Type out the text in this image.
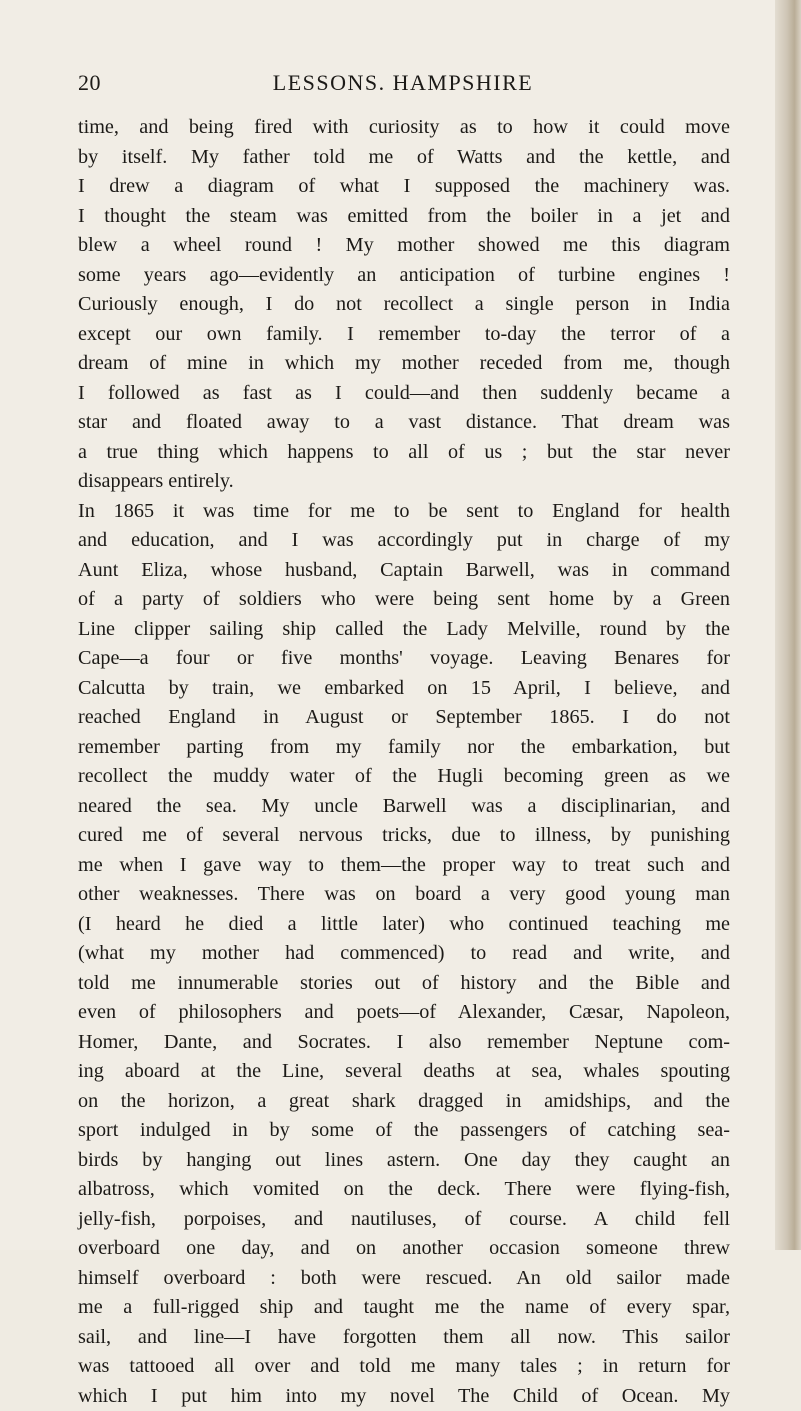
20	LESSONS. HAMPSHIRE
time, and being fired with curiosity as to how it could move
by itself. My father told me of Watts and the kettle, and
I drew a diagram of what I supposed the machinery was.
I thought the steam was emitted from the boiler in a jet and
blew a wheel round ! My mother showed me this diagram
some years ago—evidently an anticipation of turbine engines !
Curiously enough, I do not recollect a single person in India
except our own family. I remember to-day the terror of a
dream of mine in which my mother receded from me, though
I followed as fast as I could—and then suddenly became a
star and floated away to a vast distance. That dream was
a true thing which happens to all of us ; but the star never
disappears entirely.
In 1865 it was time for me to be sent to England for health
and education, and I was accordingly put in charge of my
Aunt Eliza, whose husband, Captain Barwell, was in command
of a party of soldiers who were being sent home by a Green
Line clipper sailing ship called the Lady Melville, round by the
Cape—a four or five months' voyage. Leaving Benares for
Calcutta by train, we embarked on 15 April, I believe, and
reached England in August or September 1865. I do not
remember parting from my family nor the embarkation, but
recollect the muddy water of the Hugli becoming green as we
neared the sea. My uncle Barwell was a disciplinarian, and
cured me of several nervous tricks, due to illness, by punishing
me when I gave way to them—the proper way to treat such and
other weaknesses. There was on board a very good young man
(I heard he died a little later) who continued teaching me
(what my mother had commenced) to read and write, and
told me innumerable stories out of history and the Bible and
even of philosophers and poets—of Alexander, Cæsar, Napoleon,
Homer, Dante, and Socrates. I also remember Neptune com-
ing aboard at the Line, several deaths at sea, whales spouting
on the horizon, a great shark dragged in amidships, and the
sport indulged in by some of the passengers of catching sea-
birds by hanging out lines astern. One day they caught an
albatross, which vomited on the deck. There were flying-fish,
jelly-fish, porpoises, and nautiluses, of course. A child fell
overboard one day, and on another occasion someone threw
himself overboard : both were rescued. An old sailor made
me a full-rigged ship and taught me the name of every spar,
sail, and line—I have forgotten them all now. This sailor
was tattooed all over and told me many tales ; in return for
which I put him into my novel The Child of Ocean. My
